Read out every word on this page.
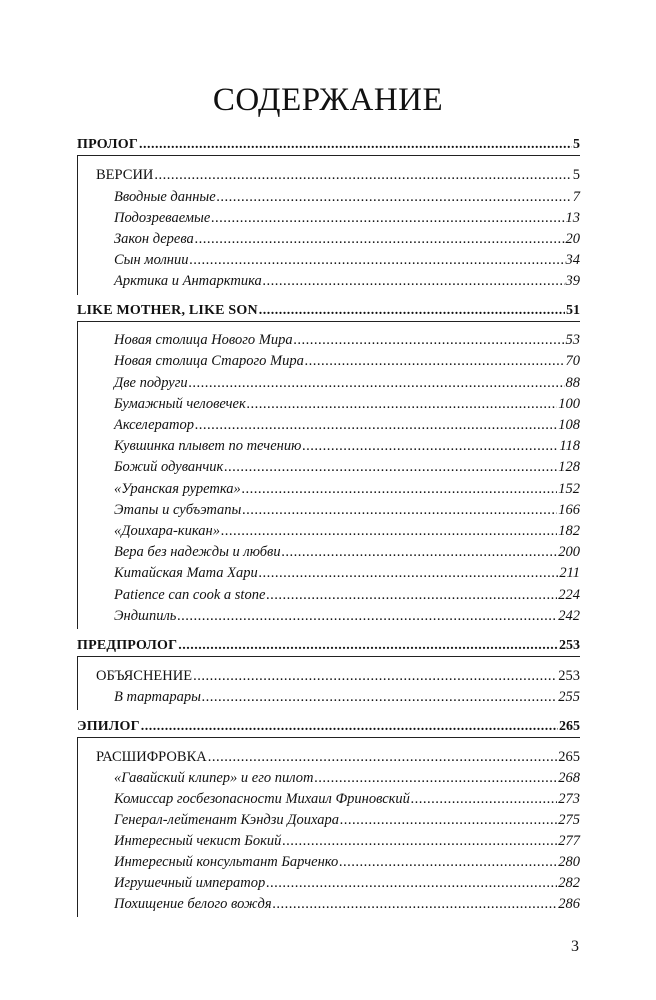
СОДЕРЖАНИЕ
ПРОЛОГ .....	5
ВЕРСИИ .....	5
Вводные данные .....	7
Подозреваемые .....	13
Закон дерева .....	20
Сын молнии .....	34
Арктика и Антарктика .....	39
LIKE MOTHER, LIKE SON .....	51
Новая столица Нового Мира .....	53
Новая столица Старого Мира .....	70
Две подруги .....	88
Бумажный человечек .....	100
Акселератор .....	108
Кувшинка плывет по течению .....	118
Божий одуванчик .....	128
«Уранская руретка» .....	152
Этапы и субъэтапы .....	166
«Доихара-кикан» .....	182
Вера без надежды и любви .....	200
Китайская Мата Хари .....	211
Patience can cook a stone .....	224
Эндшпиль .....	242
ПРЕДПРОЛОГ .....	253
ОБЪЯСНЕНИЕ .....	253
В тартарары .....	255
ЭПИЛОГ .....	265
РАСШИФРОВКА .....	265
«Гавайский клипер» и его пилот .....	268
Комиссар госбезопасности Михаил Фриновский .....	273
Генерал-лейтенант Кэндзи Доихара .....	275
Интересный чекист Бокий .....	277
Интересный консультант Барченко .....	280
Игрушечный император .....	282
Похищение белого вождя .....	286
3
